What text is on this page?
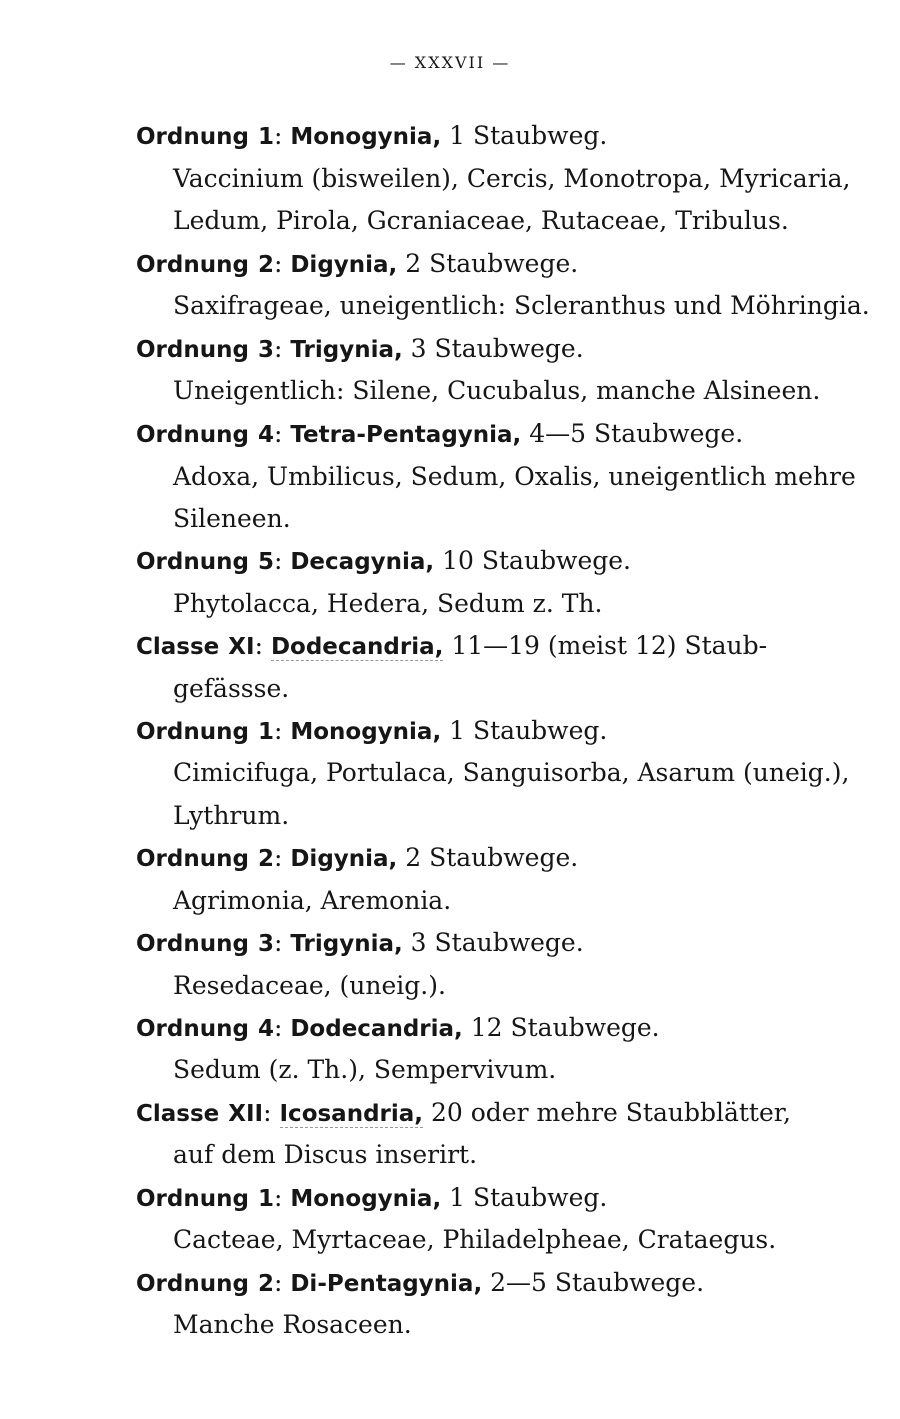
— XXXVII —
Ordnung 1: Monogynia, 1 Staubweg.
Vaccinium (bisweilen), Cercis, Monotropa, Myricaria,
Ledum, Pirola, Gcraniaceae, Rutaceae, Tribulus.
Ordnung 2: Digynia, 2 Staubwege.
Saxifrageae, uneigentlich: Scleranthus und Möhringia.
Ordnung 3: Trigynia, 3 Staubwege.
Uneigentlich: Silene, Cucubalus, manche Alsineen.
Ordnung 4: Tetra-Pentagynia, 4—5 Staubwege.
Adoxa, Umbilicus, Sedum, Oxalis, uneigentlich mehre
Sileneen.
Ordnung 5: Decagynia, 10 Staubwege.
Phytolacca, Hedera, Sedum z. Th.
Classe XI: Dodecandria, 11—19 (meist 12) Staub-
gefässse.
Ordnung 1: Monogynia, 1 Staubweg.
Cimicifuga, Portulaca, Sanguisorba, Asarum (uneig.),
Lythrum.
Ordnung 2: Digynia, 2 Staubwege.
Agrimonia, Aremonia.
Ordnung 3: Trigynia, 3 Staubwege.
Resedaceae, (uneig.).
Ordnung 4: Dodecandria, 12 Staubwege.
Sedum (z. Th.), Sempervivum.
Classe XII: Icosandria, 20 oder mehre Staubblätter,
auf dem Discus inserirt.
Ordnung 1: Monogynia, 1 Staubweg.
Cacteae, Myrtaceae, Philadelpheae, Crataegus.
Ordnung 2: Di-Pentagynia, 2—5 Staubwege.
Manche Rosaceen.
